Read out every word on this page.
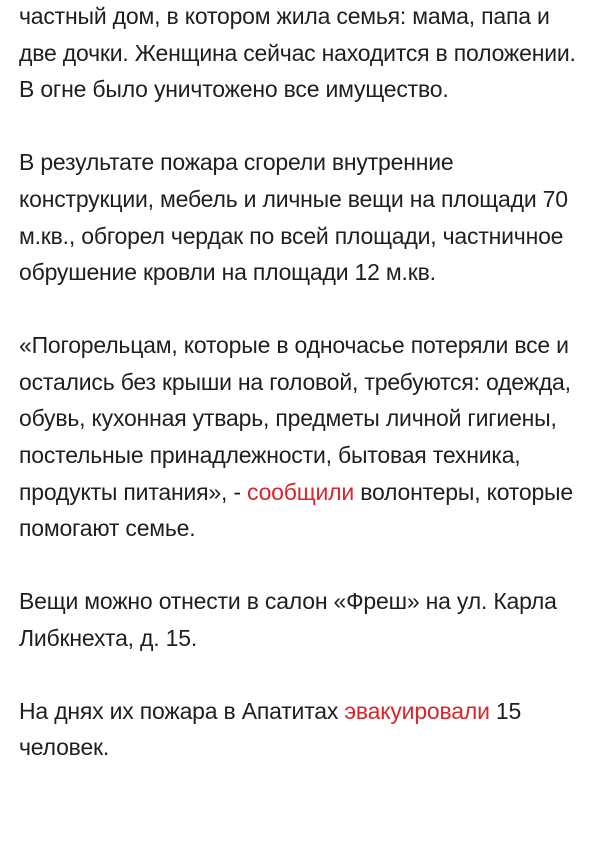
частный дом, в котором жила семья: мама, папа и две дочки. Женщина сейчас находится в положении. В огне было уничтожено все имущество.

В результате пожара сгорели внутренние конструкции, мебель и личные вещи на площади 70 м.кв., обгорел чердак по всей площади, частничное обрушение кровли на площади 12 м.кв.

«Погорельцам, которые в одночасье потеряли все и остались без крыши на головой, требуются: одежда, обувь, кухонная утварь, предметы личной гигиены, постельные принадлежности, бытовая техника, продукты питания», - сообщили волонтеры, которые помогают семье.

Вещи можно отнести в салон «Фреш» на ул. Карла Либкнехта, д. 15.

На днях их пожара в Апатитах эвакуировали 15 человек.
